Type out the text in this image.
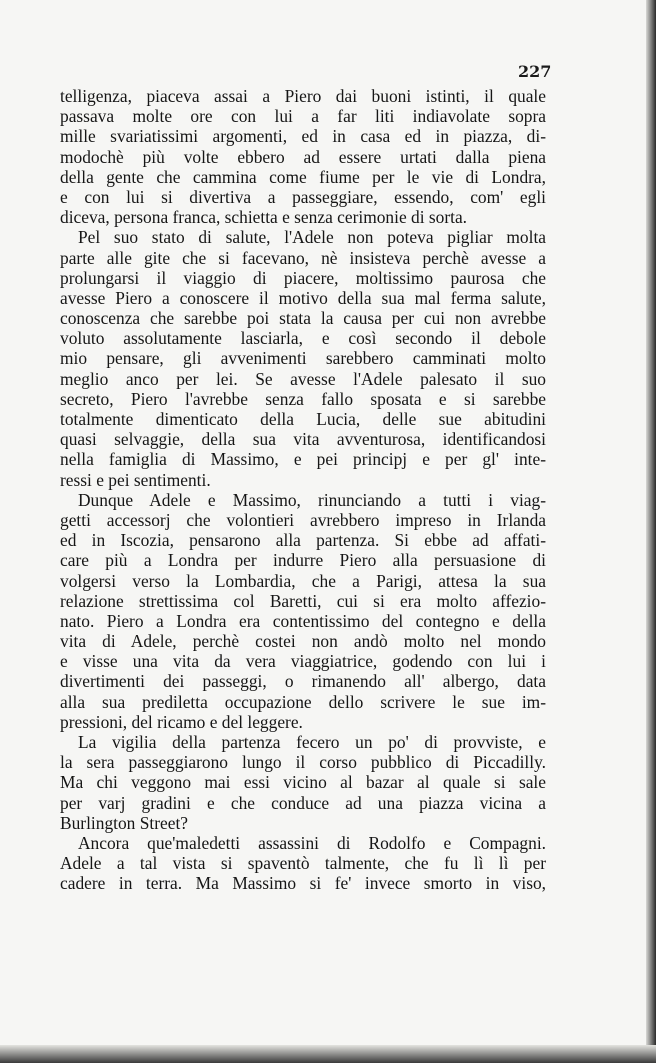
227
telligenza, piaceva assai a Piero dai buoni istinti, il quale
passava molte ore con lui a far liti indiavolate sopra
mille svariatissimi argomenti, ed in casa ed in piazza, di-
modochè più volte ebbero ad essere urtati dalla piena
della gente che cammina come fiume per le vie di Londra,
e con lui si divertiva a passeggiare, essendo, com' egli
diceva, persona franca, schietta e senza cerimonie di sorta.
Pel suo stato di salute, l'Adele non poteva pigliar molta
parte alle gite che si facevano, nè insisteva perchè avesse a
prolungarsi il viaggio di piacere, moltissimo paurosa che
avesse Piero a conoscere il motivo della sua mal ferma salute,
conoscenza che sarebbe poi stata la causa per cui non avrebbe
voluto assolutamente lasciarla, e così secondo il debole
mio pensare, gli avvenimenti sarebbero camminati molto
meglio anco per lei. Se avesse l'Adele palesato il suo
secreto, Piero l'avrebbe senza fallo sposata e si sarebbe
totalmente dimenticato della Lucia, delle sue abitudini
quasi selvaggie, della sua vita avventurosa, identificandosi
nella famiglia di Massimo, e pei principj e per gl' inte-
ressi e pei sentimenti.
Dunque Adele e Massimo, rinunciando a tutti i viag-
getti accessorj che volontieri avrebbero impreso in Irlanda
ed in Iscozia, pensarono alla partenza. Si ebbe ad affati-
care più a Londra per indurre Piero alla persuasione di
volgersi verso la Lombardia, che a Parigi, attesa la sua
relazione strettissima col Baretti, cui si era molto affezio-
nato. Piero a Londra era contentissimo del contegno e della
vita di Adele, perchè costei non andò molto nel mondo
e visse una vita da vera viaggiatrice, godendo con lui i
divertimenti dei passeggi, o rimanendo all' albergo, data
alla sua prediletta occupazione dello scrivere le sue im-
pressioni, del ricamo e del leggere.
La vigilia della partenza fecero un po' di provviste, e
la sera passeggiarono lungo il corso pubblico di Piccadilly.
Ma chi veggono mai essi vicino al bazar al quale si sale
per varj gradini e che conduce ad una piazza vicina a
Burlington Street?
Ancora que'maledetti assassini di Rodolfo e Compagni.
Adele a tal vista si spaventò talmente, che fu lì lì per
cadere in terra. Ma Massimo si fe' invece smorto in viso,
